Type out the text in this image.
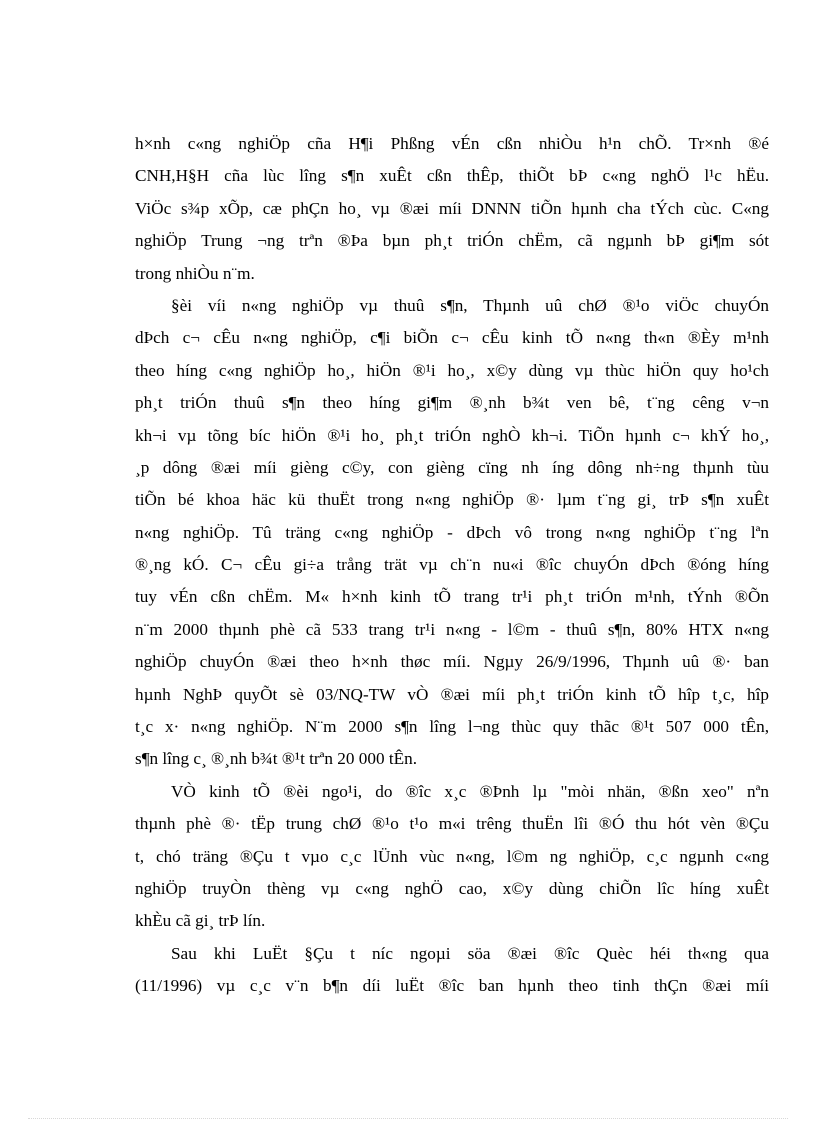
h×nh c«ng nghiÖp cña H¶i Phßng vÉn cßn nhiÒu h¹n chÕ. Tr×nh ®é
CNH,H§H cña lùc lîng s¶n xuÊt cßn thÊp, thiÕt bÞ c«ng nghÖ l¹c hËu.
ViÖc s¾p xÕp, cæ phÇn ho¸ vµ ®æi míi DNNN tiÕn hµnh cha tÝch cùc. C«ng
nghiÖp Trung ¬ng trªn ®Þa bµn ph¸t triÓn chËm, cã ngµnh bÞ gi¶m sót
trong nhiÒu n¨m.
§èi víi n«ng nghiÖp vµ thuû s¶n, Thµnh uû chØ ®¹o viÖc chuyÓn
dÞch c¬ cÊu n«ng nghiÖp, c¶i biÕn c¬ cÊu kinh tÕ n«ng th«n ®Èy m¹nh
theo híng c«ng nghiÖp ho¸, hiÖn ®¹i ho¸, x©y dùng vµ thùc hiÖn quy ho¹ch
ph¸t triÓn thuû s¶n theo híng gi¶m ®¸nh b¾t ven bê, t¨ng cêng v¬n
kh¬i vµ tõng bíc hiÖn ®¹i ho¸ ph¸t triÓn nghÒ kh¬i. TiÕn hµnh c¬ khÝ ho¸,
¸p dông ®æi míi gièng c©y, con gièng cïng nh íng dông nh÷ng thµnh tùu
tiÕn bé khoa häc kü thuËt trong n«ng nghiÖp ®· lµm t¨ng gi¸ trÞ s¶n xuÊt
n«ng nghiÖp. Tû träng c«ng nghiÖp - dÞch vô trong n«ng nghiÖp t¨ng lªn
®¸ng kÓ. C¬ cÊu gi÷a trång trät vµ ch¨n nu«i ®îc chuyÓn dÞch ®óng híng
tuy vÉn cßn chËm. M« h×nh kinh tÕ trang tr¹i ph¸t triÓn m¹nh, tÝnh ®Õn
n¨m 2000 thµnh phè cã 533 trang tr¹i n«ng - l©m - thuû s¶n, 80% HTX n«ng
nghiÖp chuyÓn ®æi theo h×nh thøc míi. Ngµy 26/9/1996, Thµnh uû ®· ban
hµnh NghÞ quyÕt sè 03/NQ-TW vÒ ®æi míi ph¸t triÓn kinh tÕ hîp t¸c, hîp
t¸c x· n«ng nghiÖp. N¨m 2000 s¶n lîng l¬ng thùc quy thãc ®¹t 507 000 tÊn,
s¶n lîng c¸ ®¸nh b¾t ®¹t trªn 20 000 tÊn.
VÒ kinh tÕ ®èi ngo¹i, do ®îc x¸c ®Þnh lµ "mòi nhän, ®ßn xeo" nªn
thµnh phè ®· tËp trung chØ ®¹o t¹o m«i trêng thuËn lîi ®Ó thu hót vèn ®Çu
t, chó träng ®Çu t vµo c¸c lÜnh vùc n«ng, l©m ng nghiÖp, c¸c ngµnh c«ng
nghiÖp truyÒn thèng vµ c«ng nghÖ cao, x©y dùng chiÕn lîc híng xuÊt
khÈu cã gi¸ trÞ lín.
Sau khi LuËt §Çu t níc ngoµi söa ®æi ®îc Quèc héi th«ng qua
(11/1996) vµ c¸c v¨n b¶n díi luËt ®îc ban hµnh theo tinh thÇn ®æi míi
